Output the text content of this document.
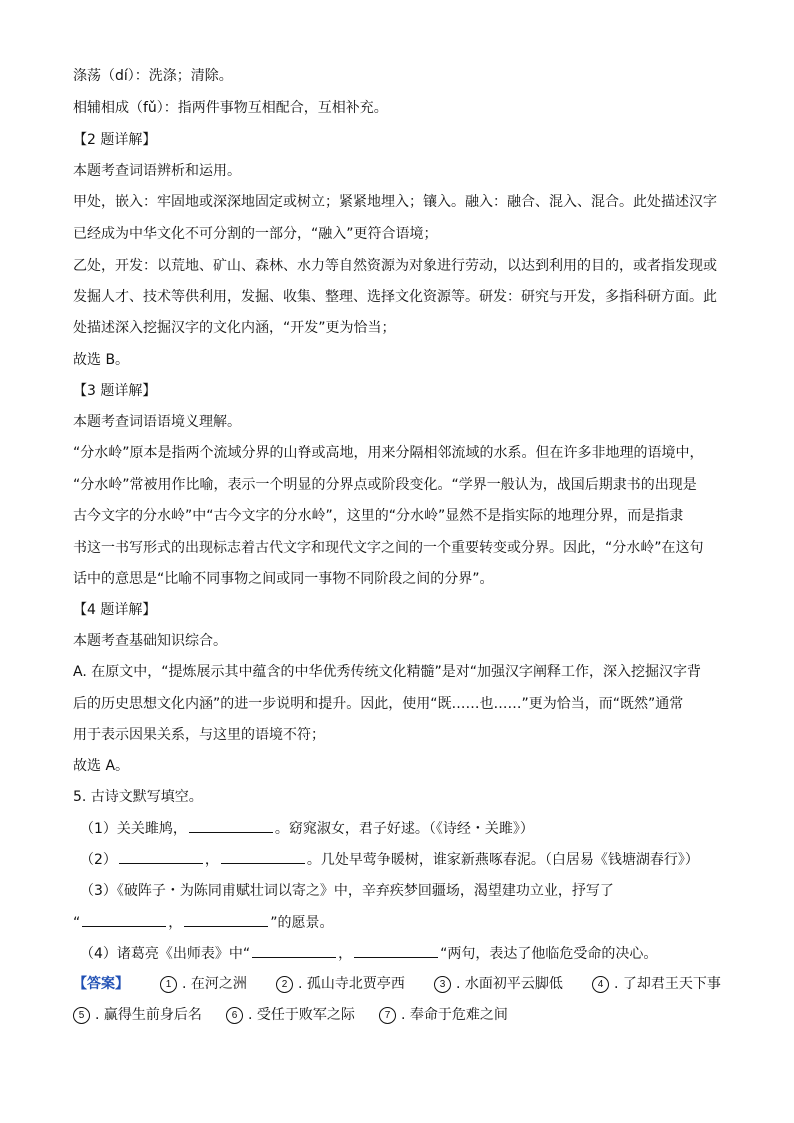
涤荡（dí）：洗涤；清除。
相辅相成（fǔ）：指两件事物互相配合，互相补充。
【2 题详解】
本题考查词语辨析和运用。
甲处，嵌入：牢固地或深深地固定或树立；紧紧地埋入；镶入。融入：融合、混入、混合。此处描述汉字
已经成为中华文化不可分割的一部分，“融入”更符合语境；
乙处，开发：以荒地、矿山、森林、水力等自然资源为对象进行劳动，以达到利用的目的，或者指发现或
发掘人才、技术等供利用，发掘、收集、整理、选择文化资源等。研发：研究与开发，多指科研方面。此
处描述深入挖掘汉字的文化内涵，“开发”更为恰当；
故选 B。
【3 题详解】
本题考查词语语境义理解。
“分水岭”原本是指两个流域分界的山脊或高地，用来分隔相邻流域的水系。但在许多非地理的语境中，
“分水岭”常被用作比喻，表示一个明显的分界点或阶段变化。“学界一般认为，战国后期隶书的出现是
古今文字的分水岭”中“古今文字的分水岭”，这里的“分水岭”显然不是指实际的地理分界，而是指隶
书这一书写形式的出现标志着古代文字和现代文字之间的一个重要转变或分界。因此，“分水岭”在这句
话中的意思是“比喻不同事物之间或同一事物不同阶段之间的分界”。
【4 题详解】
本题考查基础知识综合。
A. 在原文中，“提炼展示其中蕴含的中华优秀传统文化精髓”是对“加强汉字阐释工作，深入挖掘汉字背
后的历史思想文化内涵”的进一步说明和提升。因此，使用“既……也……”更为恰当，而“既然”通常
用于表示因果关系，与这里的语境不符；
故选 A。
5. 古诗文默写填空。
（1）关关雎鸠，	。窈窕淑女，君子好逑。（《诗经・关雎》）
（2）	，	。几处早莺争暖树，谁家新燕啄春泥。（白居易《钱塘湖春行》）
（3）《破阵子・为陈同甫赋壮词以寄之》中，辛弃疾梦回疆场，渴望建功立业，抒写了
“	，	”的愿景。
（4）诸葛亮《出师表》中“	，	“两句，表达了他临危受命的决心。
【答案】	1 . 在河之洲	2 . 孤山寺北贾亭西	3 . 水面初平云脚低	4 . 了却君王天下事
5 . 赢得生前身后名	6 . 受任于败军之际	7 . 奉命于危难之间
